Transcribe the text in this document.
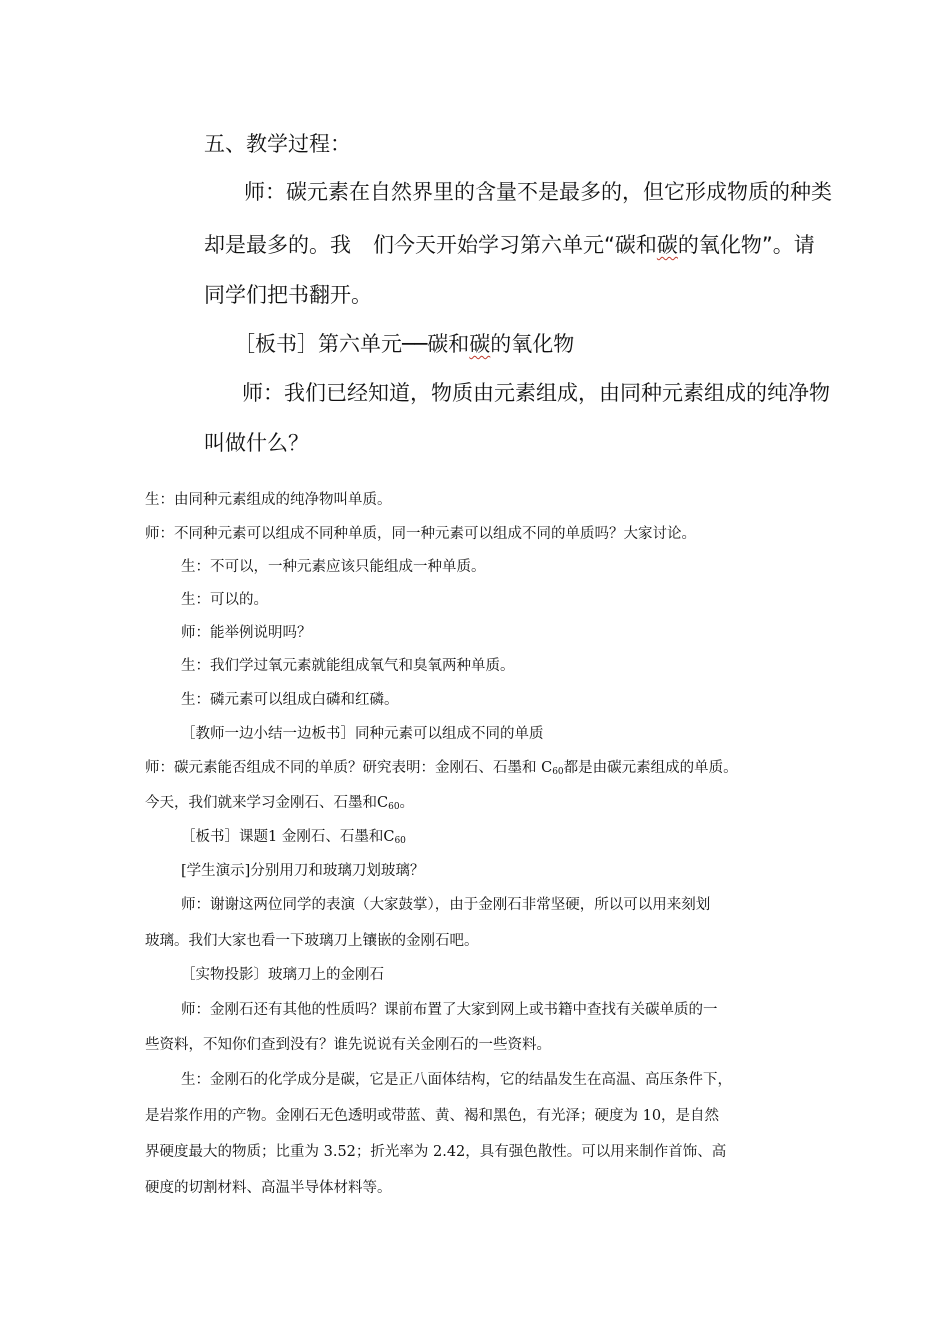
五、教学过程：
师：碳元素在自然界里的含量不是最多的，但它形成物质的种类
却是最多的。我 们今天开始学习第六单元“碳和碳的氧化物”。请
同学们把书翻开。
［板书］第六单元──碳和碳的氧化物
师：我们已经知道，物质由元素组成，由同种元素组成的纯净物
叫做什么？
生：由同种元素组成的纯净物叫单质。
师：不同种元素可以组成不同种单质，同一种元素可以组成不同的单质吗？大家讨论。
生：不可以，一种元素应该只能组成一种单质。
生：可以的。
师：能举例说明吗？
生：我们学过氧元素就能组成氧气和臭氧两种单质。
生：磷元素可以组成白磷和红磷。
［教师一边小结一边板书］同种元素可以组成不同的单质
师：碳元素能否组成不同的单质？研究表明：金刚石、石墨和 $C_{60}$都是由碳元素组成的单质。
今天，我们就来学习金刚石、石墨和$C_{60}$。
［板书］课题1 金刚石、石墨和$C_{60}$
[学生演示]分别用刀和玻璃刀划玻璃？
师：谢谢这两位同学的表演（大家鼓掌），由于金刚石非常坚硬，所以可以用来刻划
玻璃。我们大家也看一下玻璃刀上镶嵌的金刚石吧。
［实物投影〕玻璃刀上的金刚石
师：金刚石还有其他的性质吗？课前布置了大家到网上或书籍中查找有关碳单质的一
些资料，不知你们查到没有？谁先说说有关金刚石的一些资料。
生：金刚石的化学成分是碳，它是正八面体结构，它的结晶发生在高温、高压条件下，
是岩浆作用的产物。金刚石无色透明或带蓝、黄、褐和黑色，有光泽；硬度为 10，是自然
界硬度最大的物质；比重为 3.52；折光率为 2.42，具有强色散性。可以用来制作首饰、高
硬度的切割材料、高温半导体材料等。
